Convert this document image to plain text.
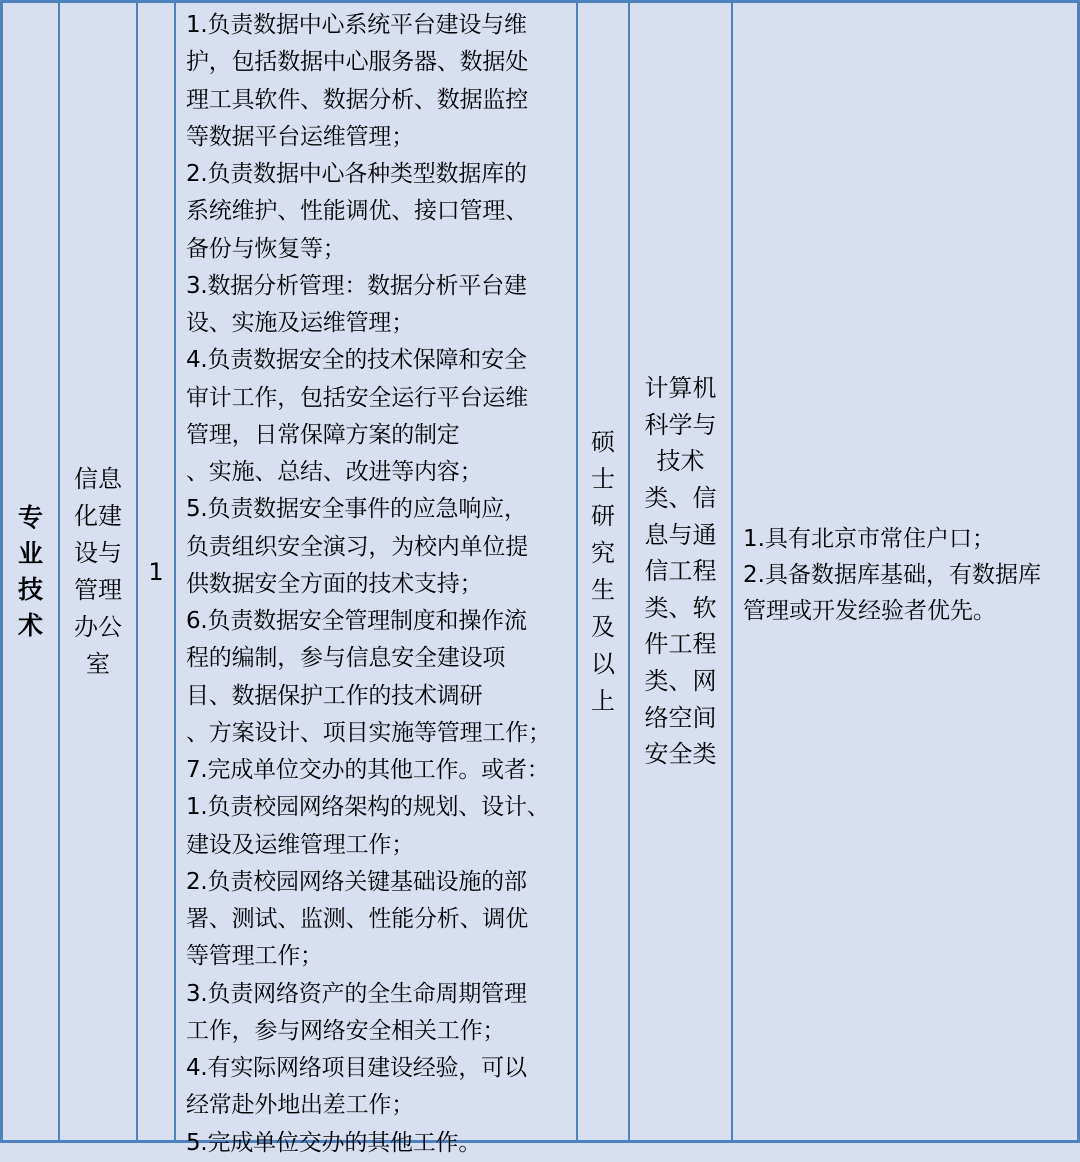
专业技术
信息化建设与管理办公室
1
1.负责数据中心系统平台建设与维
护，包括数据中心服务器、数据处
理工具软件、数据分析、数据监控
等数据平台运维管理；
2.负责数据中心各种类型数据库的
系统维护、性能调优、接口管理、
备份与恢复等；
3.数据分析管理：数据分析平台建
设、实施及运维管理；
4.负责数据安全的技术保障和安全
审计工作，包括安全运行平台运维
管理，日常保障方案的制定
、实施、总结、改进等内容；
5.负责数据安全事件的应急响应，
负责组织安全演习，为校内单位提
供数据安全方面的技术支持；
6.负责数据安全管理制度和操作流
程的编制，参与信息安全建设项
目、数据保护工作的技术调研
、方案设计、项目实施等管理工作；
7.完成单位交办的其他工作。或者：
1.负责校园网络架构的规划、设计、
建设及运维管理工作；
2.负责校园网络关键基础设施的部
署、测试、监测、性能分析、调优
等管理工作；
3.负责网络资产的全生命周期管理
工作，参与网络安全相关工作；
4.有实际网络项目建设经验，可以
经常赴外地出差工作；
5.完成单位交办的其他工作。
硕士研究生及以上
计算机科学与技术类、信息与通信工程类、软件工程类、网络空间安全类
1.具有北京市常住户口；
2.具备数据库基础，有数据库
管理或开发经验者优先。
